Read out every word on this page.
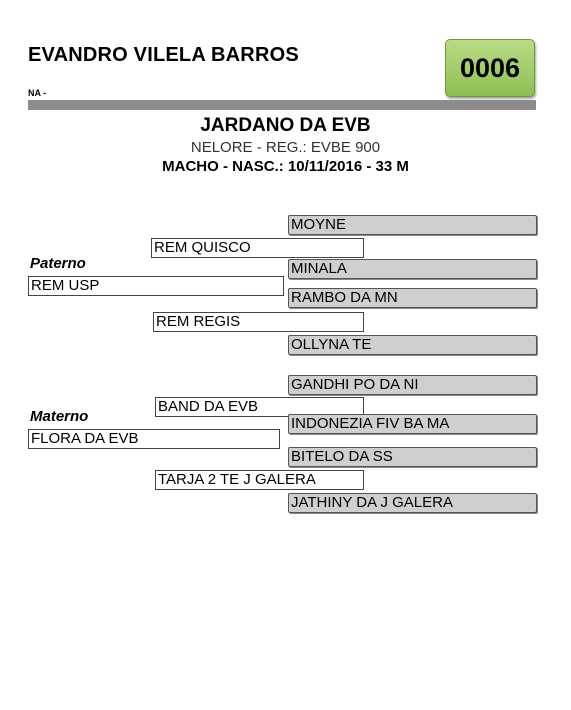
EVANDRO VILELA BARROS
NA -
0006
JARDANO DA EVB
NELORE - REG.: EVBE 900
MACHO - NASC.: 10/11/2016 - 33 M
MOYNE
REM QUISCO
Paterno	MINALA
REM USP
RAMBO DA MN
REM REGIS
OLLYNA TE
GANDHI PO DA NI
BAND DA EVB
Materno	INDONEZIA FIV BA MA
FLORA DA EVB
BITELO DA SS
TARJA 2 TE J GALERA
JATHINY DA J GALERA
